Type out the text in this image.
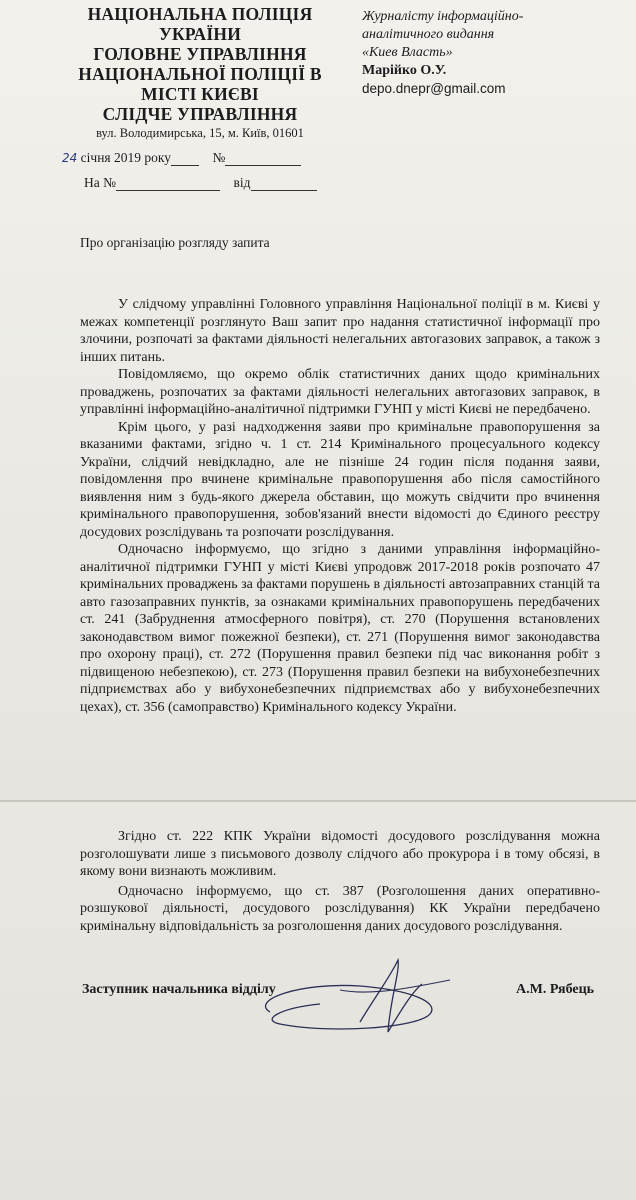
НАЦІОНАЛЬНА ПОЛІЦІЯ
УКРАЇНИ
ГОЛОВНЕ УПРАВЛІННЯ
НАЦІОНАЛЬНОЇ ПОЛІЦІЇ В
МІСТІ КИЄВІ
СЛІДЧЕ УПРАВЛІННЯ
вул. Володимирська, 15, м. Київ, 01601
24 січня 2019 року	№
На №	від
Журналісту інформаційно-
аналітичного видання
«Киев Власть»
Марійко О.У.
depo.dnepr@gmail.com
Про організацію розгляду запита

У слідчому управлінні Головного управління Національної поліції в м. Києві у межах компетенції розглянуто Ваш запит про надання статистичної інформації про злочини, розпочаті за фактами діяльності нелегальних автогазових заправок, а також з інших питань.

Повідомляємо, що окремо облік статистичних даних щодо кримінальних проваджень, розпочатих за фактами діяльності нелегальних автогазових заправок, в управлінні інформаційно-аналітичної підтримки ГУНП у місті Києві не передбачено.

Крім цього, у разі надходження заяви про кримінальне правопорушення за вказаними фактами, згідно ч. 1 ст. 214 Кримінального процесуального кодексу України, слідчий невідкладно, але не пізніше 24 годин після подання заяви, повідомлення про вчинене кримінальне правопорушення або після самостійного виявлення ним з будь-якого джерела обставин, що можуть свідчити про вчинення кримінального правопорушення, зобов'язаний внести відомості до Єдиного реєстру досудових розслідувань та розпочати розслідування.

Одночасно інформуємо, що згідно з даними управління інформаційно-аналітичної підтримки ГУНП у місті Києві упродовж 2017-2018 років розпочато 47 кримінальних проваджень за фактами порушень в діяльності автозаправних станцій та авто газозаправних пунктів, за ознаками кримінальних правопорушень передбачених ст. 241 (Забруднення атмосферного повітря), ст. 270 (Порушення встановлених законодавством вимог пожежної безпеки), ст. 271 (Порушення вимог законодавства про охорону праці), ст. 272 (Порушення правил безпеки під час виконання робіт з підвищеною небезпекою), ст. 273 (Порушення правил безпеки на вибухонебезпечних підприємствах або у вибухонебезпечних підприємствах або у вибухонебезпечних цехах), ст. 356 (самоправство) Кримінального кодексу України.

Згідно ст. 222 КПК України відомості досудового розслідування можна розголошувати лише з письмового дозволу слідчого або прокурора і в тому обсязі, в якому вони визнають можливим.

Одночасно інформуємо, що ст. 387 (Розголошення даних оперативно-розшукової діяльності, досудового розслідування) КК України передбачено кримінальну відповідальність за розголошення даних досудового розслідування.

Заступник начальника відділу	А.М. Рябець
